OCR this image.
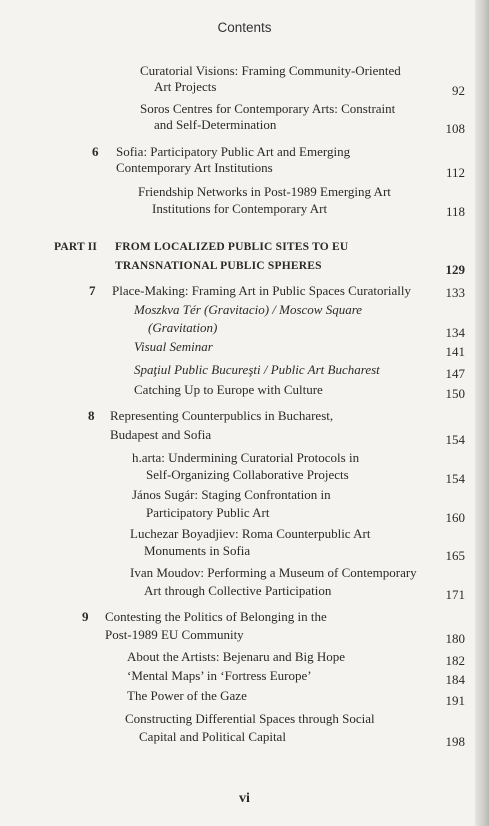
Contents
Curatorial Visions: Framing Community-Oriented
Art Projects	92
Soros Centres for Contemporary Arts: Constraint
and Self-Determination	108
6 Sofia: Participatory Public Art and Emerging
Contemporary Art Institutions	112
Friendship Networks in Post-1989 Emerging Art
Institutions for Contemporary Art	118
PART II FROM LOCALIZED PUBLIC SITES TO EU
TRANSNATIONAL PUBLIC SPHERES	129
7 Place-Making: Framing Art in Public Spaces Curatorially	133
Moszkva Tér (Gravitacio) / Moscow Square
(Gravitation)	134
Visual Seminar	141
Spaţiul Public Bucureşti / Public Art Bucharest	147
Catching Up to Europe with Culture	150
8 Representing Counterpublics in Bucharest,
Budapest and Sofia	154
h.arta: Undermining Curatorial Protocols in
Self-Organizing Collaborative Projects	154
János Sugár: Staging Confrontation in
Participatory Public Art	160
Luchezar Boyadjiev: Roma Counterpublic Art
Monuments in Sofia	165
Ivan Moudov: Performing a Museum of Contemporary
Art through Collective Participation	171
9 Contesting the Politics of Belonging in the
Post-1989 EU Community	180
About the Artists: Bejenaru and Big Hope	182
‘Mental Maps’ in ‘Fortress Europe’	184
The Power of the Gaze	191
Constructing Differential Spaces through Social
Capital and Political Capital	198
vi
